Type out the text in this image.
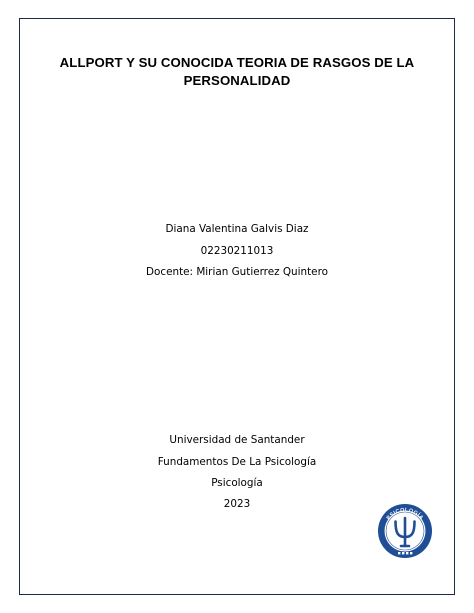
ALLPORT Y SU CONOCIDA TEORIA DE RASGOS DE LA
PERSONALIDAD
Diana Valentina Galvis Diaz
02230211013
Docente: Mirian Gutierrez Quintero
Universidad de Santander
Fundamentos De La Psicología
Psicología
2023
PSICOLOGÍA
